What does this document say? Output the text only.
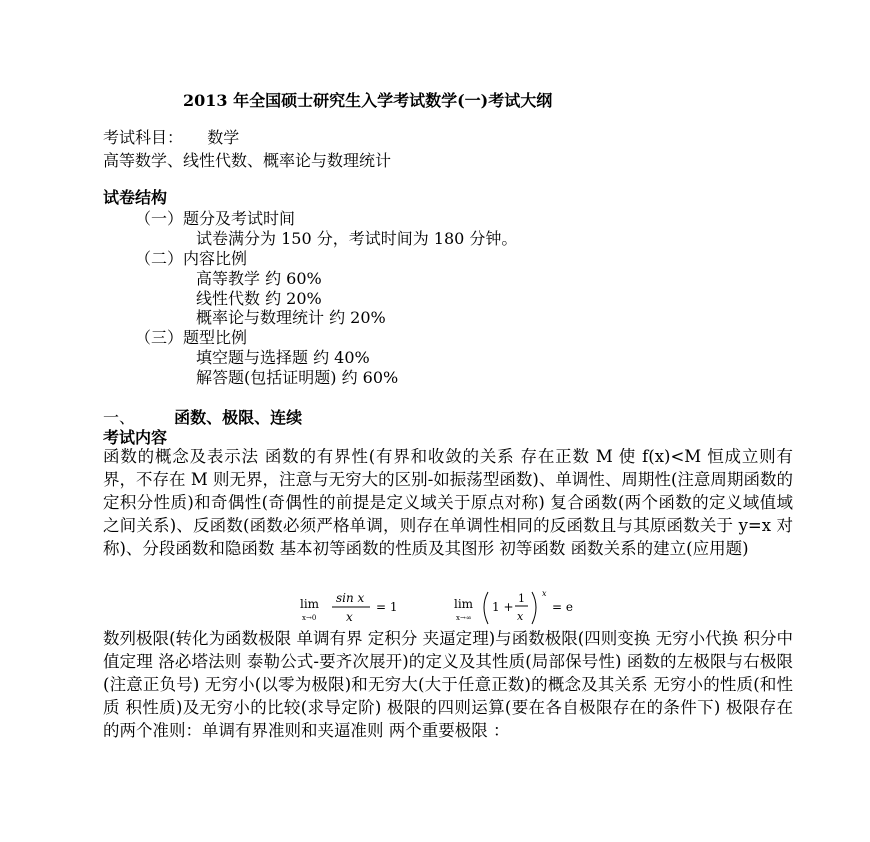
2013 年全国硕士研究生入学考试数学(一)考试大纲
考试科目： 数学
高等数学、线性代数、概率论与数理统计
试卷结构
（一）题分及考试时间
试卷满分为 150 分，考试时间为 180 分钟。
（二）内容比例
高等教学 约 60%
线性代数 约 20%
概率论与数理统计 约 20%
（三）题型比例
填空题与选择题 约 40%
解答题(包括证明题) 约 60%
一、 函数、极限、连续
考试内容
函数的概念及表示法 函数的有界性(有界和收敛的关系 存在正数 M 使 f(x)<M 恒成立则有界，不存在 M 则无界，注意与无穷大的区别-如振荡型函数)、单调性、周期性(注意周期函数的定积分性质)和奇偶性(奇偶性的前提是定义域关于原点对称) 复合函数(两个函数的定义域值域之间关系)、反函数(函数必须严格单调，则存在单调性相同的反函数且与其原函数关于 y=x 对称)、分段函数和隐函数 基本初等函数的性质及其图形 初等函数 函数关系的建立(应用题)
lim
x→0
sin x
x
= 1	lim
x→∞
1 +
1
x
x
= e
数列极限(转化为函数极限 单调有界 定积分 夹逼定理)与函数极限(四则变换 无穷小代换 积分中值定理 洛必塔法则 泰勒公式-要齐次展开)的定义及其性质(局部保号性) 函数的左极限与右极限(注意正负号) 无穷小(以零为极限)和无穷大(大于任意正数)的概念及其关系 无穷小的性质(和性质 积性质)及无穷小的比较(求导定阶) 极限的四则运算(要在各自极限存在的条件下) 极限存在的两个准则：单调有界准则和夹逼准则 两个重要极限 ：
